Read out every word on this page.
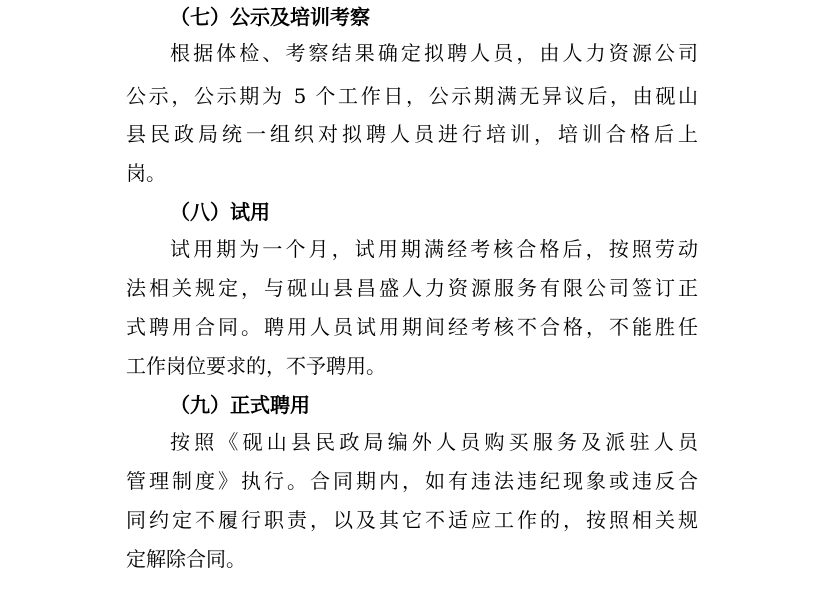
（七）公示及培训考察
根据体检、考察结果确定拟聘人员，由人力资源公司
公示，公示期为 5 个工作日，公示期满无异议后，由砚山
县民政局统一组织对拟聘人员进行培训，培训合格后上
岗。
（八）试用
试用期为一个月，试用期满经考核合格后，按照劳动
法相关规定，与砚山县昌盛人力资源服务有限公司签订正
式聘用合同。聘用人员试用期间经考核不合格，不能胜任
工作岗位要求的，不予聘用。
（九）正式聘用
按照《砚山县民政局编外人员购买服务及派驻人员
管理制度》执行。合同期内，如有违法违纪现象或违反合
同约定不履行职责，以及其它不适应工作的，按照相关规
定解除合同。
